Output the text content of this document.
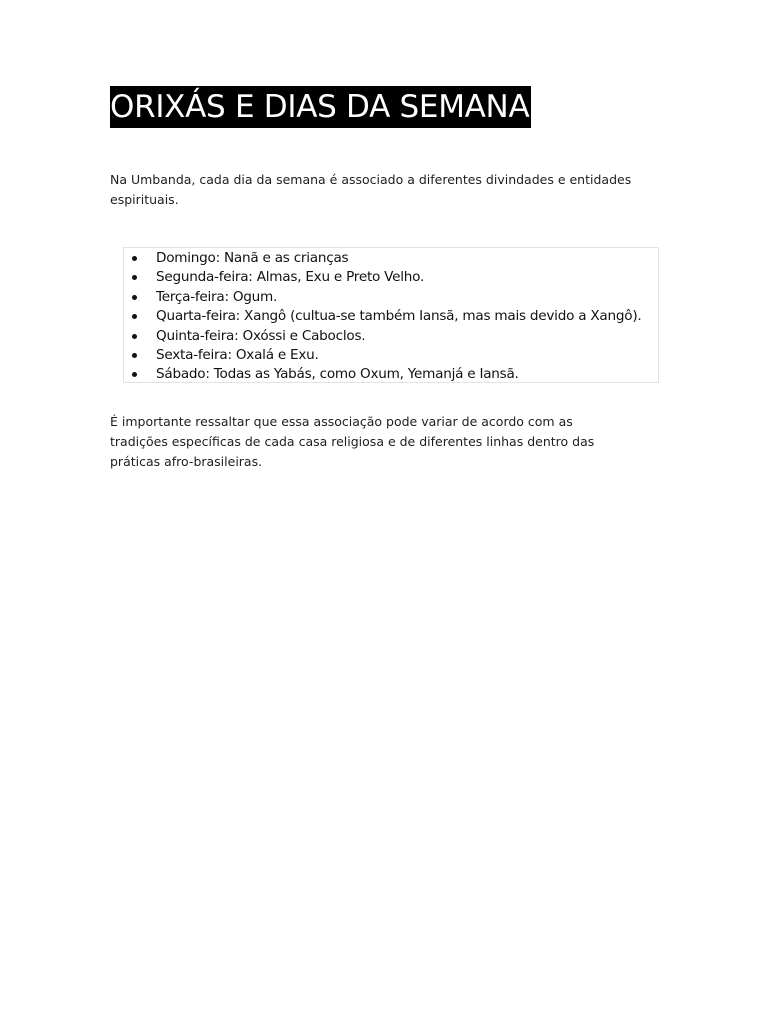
ORIXÁS E DIAS DA SEMANA

Na Umbanda, cada dia da semana é associado a diferentes divindades e entidades espirituais.

Domingo: Nanã e as crianças
Segunda-feira: Almas, Exu e Preto Velho.
Terça-feira: Ogum.
Quarta-feira: Xangô (cultua-se também Iansã, mas mais devido a Xangô).
Quinta-feira: Oxóssi e Caboclos.
Sexta-feira: Oxalá e Exu.
Sábado: Todas as Yabás, como Oxum, Yemanjá e Iansã.

É importante ressaltar que essa associação pode variar de acordo com as tradições específicas de cada casa religiosa e de diferentes linhas dentro das práticas afro-brasileiras.
